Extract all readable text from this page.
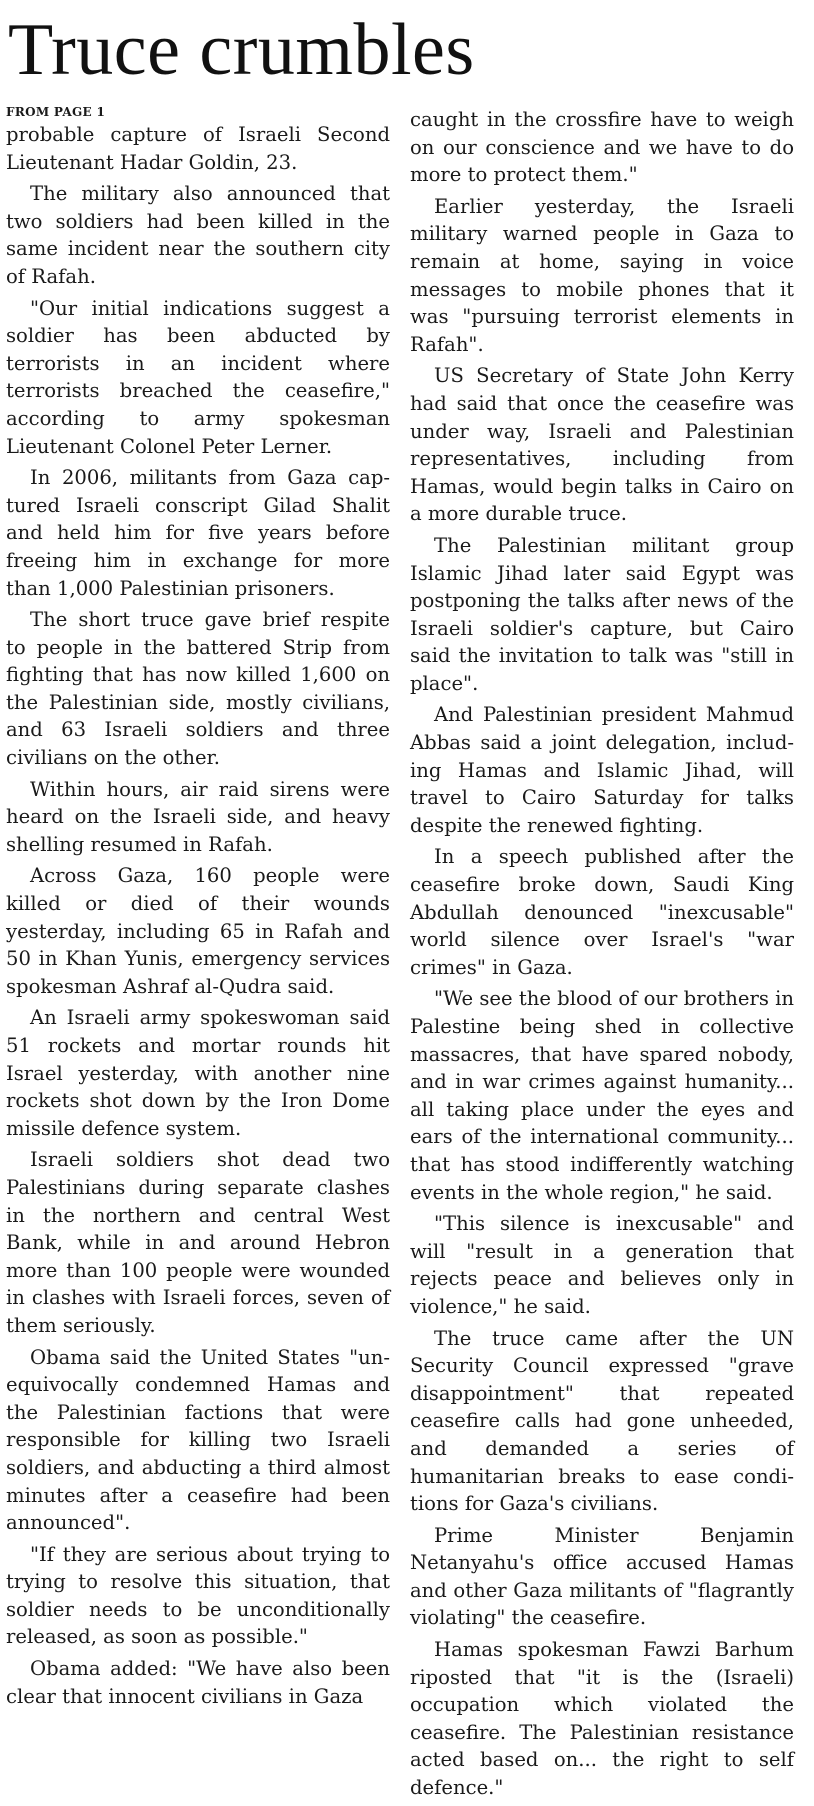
Truce crumbles
FROM PAGE 1

probable capture of Israeli Second Lieutenant Hadar Goldin, 23.

The military also announced that two soldiers had been killed in the same incident near the southern city of Rafah.

"Our initial indications suggest a soldier has been abducted by terrorists in an incident where terrorists breached the ceasefire," according to army spokesman Lieutenant Colonel Peter Lerner.

In 2006, militants from Gaza captured Israeli conscript Gilad Shalit and held him for five years before freeing him in exchange for more than 1,000 Palestinian prisoners.

The short truce gave brief respite to people in the battered Strip from fighting that has now killed 1,600 on the Palestinian side, mostly civilians, and 63 Israeli soldiers and three civilians on the other.

Within hours, air raid sirens were heard on the Israeli side, and heavy shelling resumed in Rafah.

Across Gaza, 160 people were killed or died of their wounds yesterday, including 65 in Rafah and 50 in Khan Yunis, emergency services spokesman Ashraf al-Qudra said.

An Israeli army spokeswoman said 51 rockets and mortar rounds hit Israel yesterday, with another nine rockets shot down by the Iron Dome missile defence system.

Israeli soldiers shot dead two Palestinians during separate clashes in the northern and central West Bank, while in and around Hebron more than 100 people were wounded in clashes with Israeli forces, seven of them seriously.

Obama said the United States "unequivocally condemned Hamas and the Palestinian factions that were responsible for killing two Israeli soldiers, and abducting a third almost minutes after a ceasefire had been announced".

"If they are serious about trying to trying to resolve this situation, that soldier needs to be unconditionally released, as soon as possible."

Obama added: "We have also been clear that innocent civilians in Gaza

caught in the crossfire have to weigh on our conscience and we have to do more to protect them."

Earlier yesterday, the Israeli military warned people in Gaza to remain at home, saying in voice messages to mobile phones that it was "pursuing terrorist elements in Rafah".

US Secretary of State John Kerry had said that once the ceasefire was under way, Israeli and Palestinian representatives, including from Hamas, would begin talks in Cairo on a more durable truce.

The Palestinian militant group Islamic Jihad later said Egypt was postponing the talks after news of the Israeli soldier's capture, but Cairo said the invitation to talk was "still in place".

And Palestinian president Mahmud Abbas said a joint delegation, including Hamas and Islamic Jihad, will travel to Cairo Saturday for talks despite the renewed fighting.

In a speech published after the ceasefire broke down, Saudi King Abdullah denounced "inexcusable" world silence over Israel's "war crimes" in Gaza.

"We see the blood of our brothers in Palestine being shed in collective massacres, that have spared nobody, and in war crimes against humanity... all taking place under the eyes and ears of the international community... that has stood indifferently watching events in the whole region," he said.

"This silence is inexcusable" and will "result in a generation that rejects peace and believes only in violence," he said.

The truce came after the UN Security Council expressed "grave disappointment" that repeated ceasefire calls had gone unheeded, and demanded a series of humanitarian breaks to ease conditions for Gaza's civilians.

Prime Minister Benjamin Netanyahu's office accused Hamas and other Gaza militants of "flagrantly violating" the ceasefire.

Hamas spokesman Fawzi Barhum riposted that "it is the (Israeli) occupation which violated the ceasefire. The Palestinian resistance acted based on... the right to self defence."
